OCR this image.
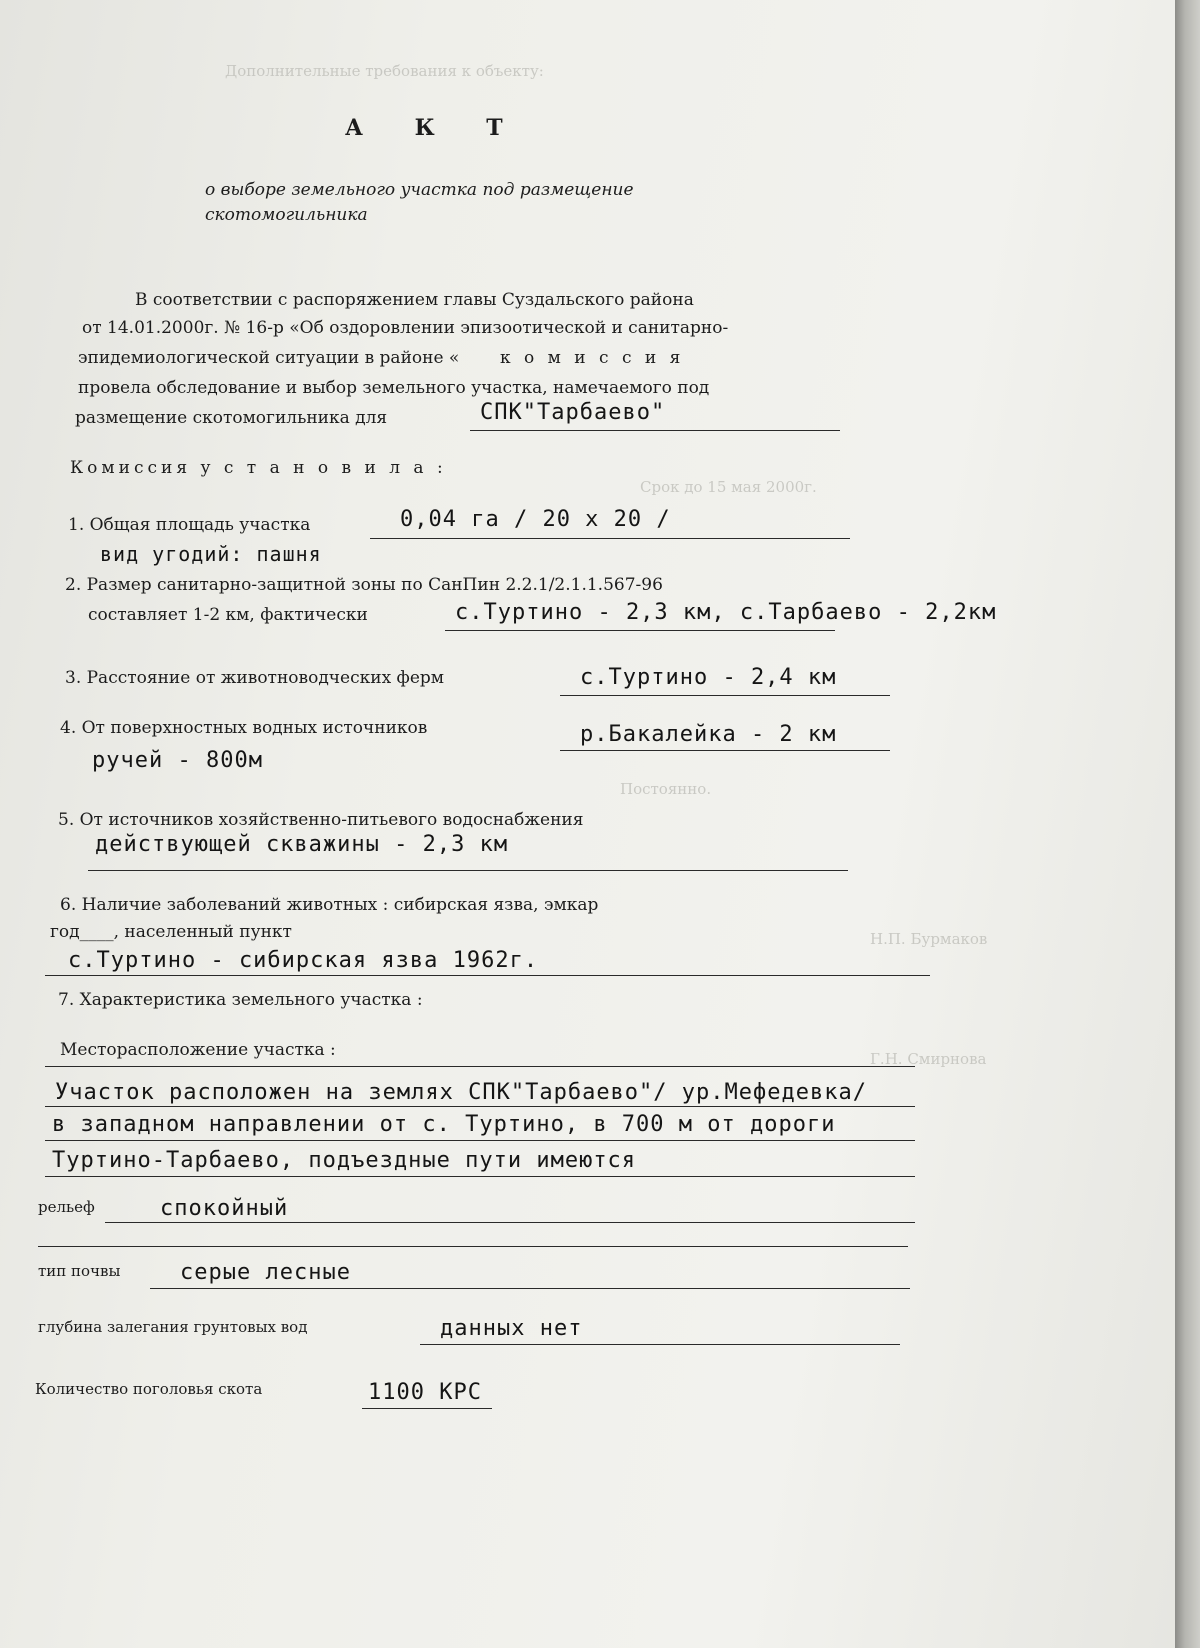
Дополнительные требования к объекту:
Срок до 15 мая 2000г.
Постоянно.
Н.П. Бурмаков
Г.Н. Смирнова
А К Т
о выборе земельного участка под размещение
скотомогильника
В соответствии с распоряжением главы Суздальского района
от 14.01.2000г. № 16-р «Об оздоровлении эпизоотической и санитарно-
эпидемиологической ситуации в районе « к о м и с с и я
провела обследование и выбор земельного участка, намечаемого под
размещение скотомогильника для	СПК"Тарбаево"
Комиссия у с т а н о в и л а :
1. Общая площадь участка	0,04 га / 20 х 20 /
вид угодий: пашня
2. Размер санитарно-защитной зоны по СанПин 2.2.1/2.1.1.567-96
составляет 1-2 км, фактически	с.Туртино - 2,3 км, с.Тарбаево - 2,2км
3. Расстояние от животноводческих ферм	с.Туртино - 2,4 км
4. От поверхностных водных источников	р.Бакалейка - 2 км
ручей - 800м
5. От источников хозяйственно-питьевого водоснабжения
действующей скважины - 2,3 км
6. Наличие заболеваний животных : сибирская язва, эмкар
год____, населенный пункт
с.Туртино - сибирская язва 1962г.
7. Характеристика земельного участка :
Месторасположение участка :
Участок расположен на землях СПК"Тарбаево"/ ур.Мефедевка/
в западном направлении от с. Туртино, в 700 м от дороги
Туртино-Тарбаево, подъездные пути имеются
рельеф	спокойный
тип почвы	серые лесные
глубина залегания грунтовых вод	данных нет
Количество поголовья скота	1100 КРС
